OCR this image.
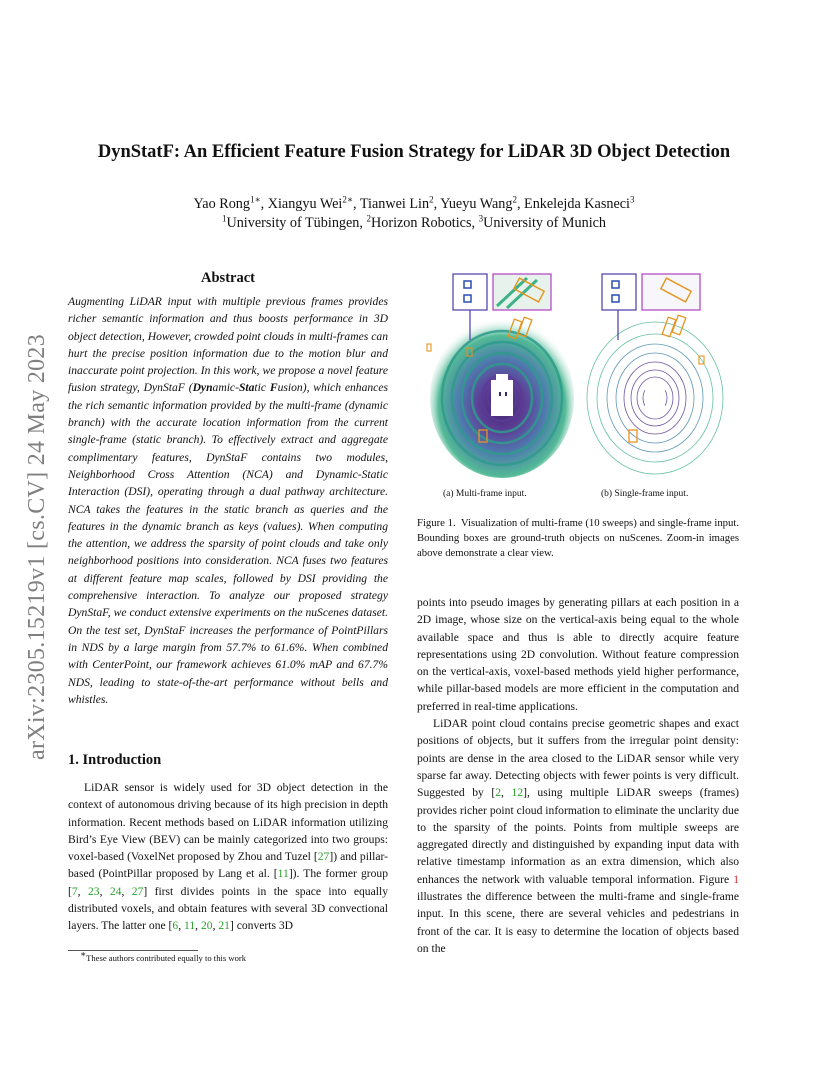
arXiv:2305.15219v1 [cs.CV] 24 May 2023
DynStatF: An Efficient Feature Fusion Strategy for LiDAR 3D Object Detection
Yao Rong$^{1∗}$, Xiangyu Wei$^{2∗}$, Tianwei Lin$^2$, Yueyu Wang$^2$, Enkelejda Kasneci$^3$
$^1$University of Tübingen, $^2$Horizon Robotics, $^3$University of Munich
Abstract
Augmenting LiDAR input with multiple previous frames provides richer semantic information and thus boosts performance in 3D object detection, However, crowded point clouds in multi-frames can hurt the precise position information due to the motion blur and inaccurate point projection. In this work, we propose a novel feature fusion strategy, DynStaF (Dynamic-Static Fusion), which enhances the rich semantic information provided by the multi-frame (dynamic branch) with the accurate location information from the current single-frame (static branch). To effectively extract and aggregate complimentary features, DynStaF contains two modules, Neighborhood Cross Attention (NCA) and Dynamic-Static Interaction (DSI), operating through a dual pathway architecture. NCA takes the features in the static branch as queries and the features in the dynamic branch as keys (values). When computing the attention, we address the sparsity of point clouds and take only neighborhood positions into consideration. NCA fuses two features at different feature map scales, followed by DSI providing the comprehensive interaction. To analyze our proposed strategy DynStaF, we conduct extensive experiments on the nuScenes dataset. On the test set, DynStaF increases the performance of PointPillars in NDS by a large margin from 57.7% to 61.6%. When combined with CenterPoint, our framework achieves 61.0% mAP and 67.7% NDS, leading to state-of-the-art performance without bells and whistles.
1. Introduction
LiDAR sensor is widely used for 3D object detection in the context of autonomous driving because of its high precision in depth information. Recent methods based on LiDAR information utilizing Bird’s Eye View (BEV) can be mainly categorized into two groups: voxel-based (VoxelNet proposed by Zhou and Tuzel [27]) and pillar-based (PointPillar proposed by Lang et al. [11]). The former group [7, 23, 24, 27] first divides points in the space into equally distributed voxels, and obtain features with several 3D convectional layers. The latter one [6, 11, 20, 21] converts 3D
∗These authors contributed equally to this work
(a) Multi-frame input.	(b) Single-frame input.
Figure 1. Visualization of multi-frame (10 sweeps) and single-frame input. Bounding boxes are ground-truth objects on nuScenes. Zoom-in images above demonstrate a clear view.

points into pseudo images by generating pillars at each position in a 2D image, whose size on the vertical-axis being equal to the whole available space and thus is able to directly acquire feature representations using 2D convolution. Without feature compression on the vertical-axis, voxel-based methods yield higher performance, while pillar-based models are more efficient in the computation and preferred in real-time applications.

LiDAR point cloud contains precise geometric shapes and exact positions of objects, but it suffers from the irregular point density: points are dense in the area closed to the LiDAR sensor while very sparse far away. Detecting objects with fewer points is very difficult. Suggested by [2, 12], using multiple LiDAR sweeps (frames) provides richer point cloud information to eliminate the unclarity due to the sparsity of the points. Points from multiple sweeps are aggregated directly and distinguished by expanding input data with relative timestamp information as an extra dimension, which also enhances the network with valuable temporal information. Figure 1 illustrates the difference between the multi-frame and single-frame input. In this scene, there are several vehicles and pedestrians in front of the car. It is easy to determine the location of objects based on the
